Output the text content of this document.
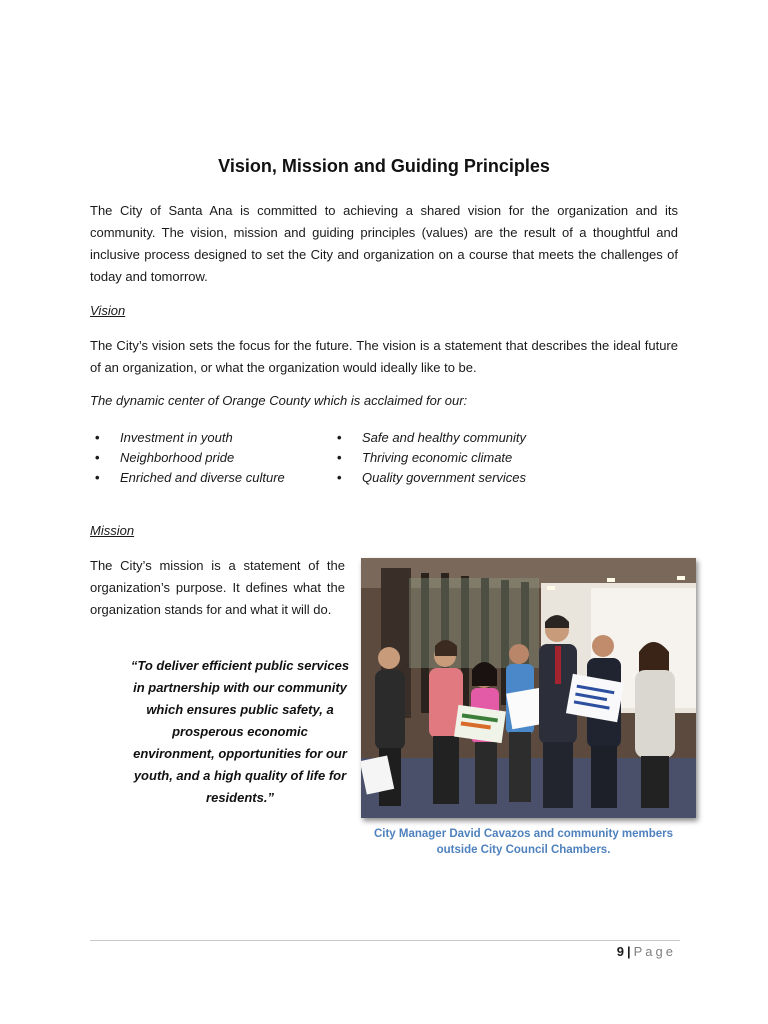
Vision, Mission and Guiding Principles

The City of Santa Ana is committed to achieving a shared vision for the organization and its community. The vision, mission and guiding principles (values) are the result of a thoughtful and inclusive process designed to set the City and organization on a course that meets the challenges of today and tomorrow.

Vision

The City’s vision sets the focus for the future. The vision is a statement that describes the ideal future of an organization, or what the organization would ideally like to be.

The dynamic center of Orange County which is acclaimed for our:
• Investment in youth
• Neighborhood pride
• Enriched and diverse culture
• Safe and healthy community
• Thriving economic climate
• Quality government services
Mission

The City’s mission is a statement of the organization’s purpose. It defines what the organization stands for and what it will do.

“To deliver efficient public services in partnership with our community which ensures public safety, a prosperous economic environment, opportunities for our youth, and a high quality of life for residents.”

City Manager David Cavazos and community members outside City Council Chambers.

9 | Page
